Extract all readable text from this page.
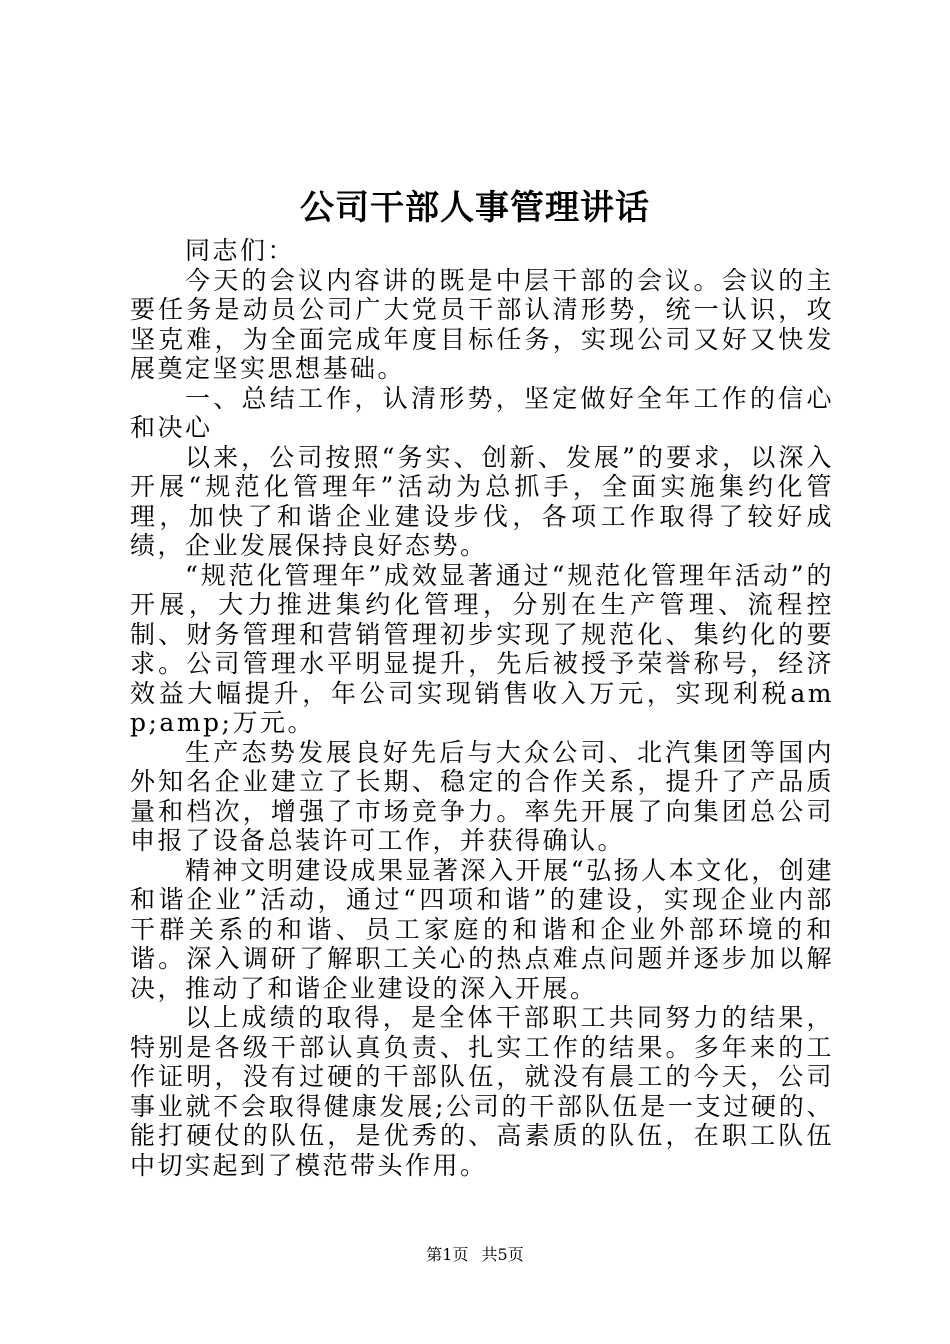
公司干部人事管理讲话

同志们：

今天的会议内容讲的既是中层干部的会议。会议的主要任务是动员公司广大党员干部认清形势，统一认识，攻坚克难，为全面完成年度目标任务，实现公司又好又快发展奠定坚实思想基础。

一、总结工作，认清形势，坚定做好全年工作的信心和决心

以来，公司按照“务实、创新、发展”的要求，以深入开展“规范化管理年”活动为总抓手，全面实施集约化管理，加快了和谐企业建设步伐，各项工作取得了较好成绩，企业发展保持良好态势。

“规范化管理年”成效显著通过“规范化管理年活动”的开展，大力推进集约化管理，分别在生产管理、流程控制、财务管理和营销管理初步实现了规范化、集约化的要求。公司管理水平明显提升，先后被授予荣誉称号，经济效益大幅提升，年公司实现销售收入万元，实现利税amp;amp;万元。

生产态势发展良好先后与大众公司、北汽集团等国内外知名企业建立了长期、稳定的合作关系，提升了产品质量和档次，增强了市场竞争力。率先开展了向集团总公司申报了设备总装许可工作，并获得确认。

精神文明建设成果显著深入开展“弘扬人本文化，创建和谐企业”活动，通过“四项和谐”的建设，实现企业内部干群关系的和谐、员工家庭的和谐和企业外部环境的和谐。深入调研了解职工关心的热点难点问题并逐步加以解决，推动了和谐企业建设的深入开展。

以上成绩的取得，是全体干部职工共同努力的结果，特别是各级干部认真负责、扎实工作的结果。多年来的工作证明，没有过硬的干部队伍，就没有晨工的今天，公司事业就不会取得健康发展;公司的干部队伍是一支过硬的、能打硬仗的队伍，是优秀的、高素质的队伍，在职工队伍中切实起到了模范带头作用。

第1页 共5页
